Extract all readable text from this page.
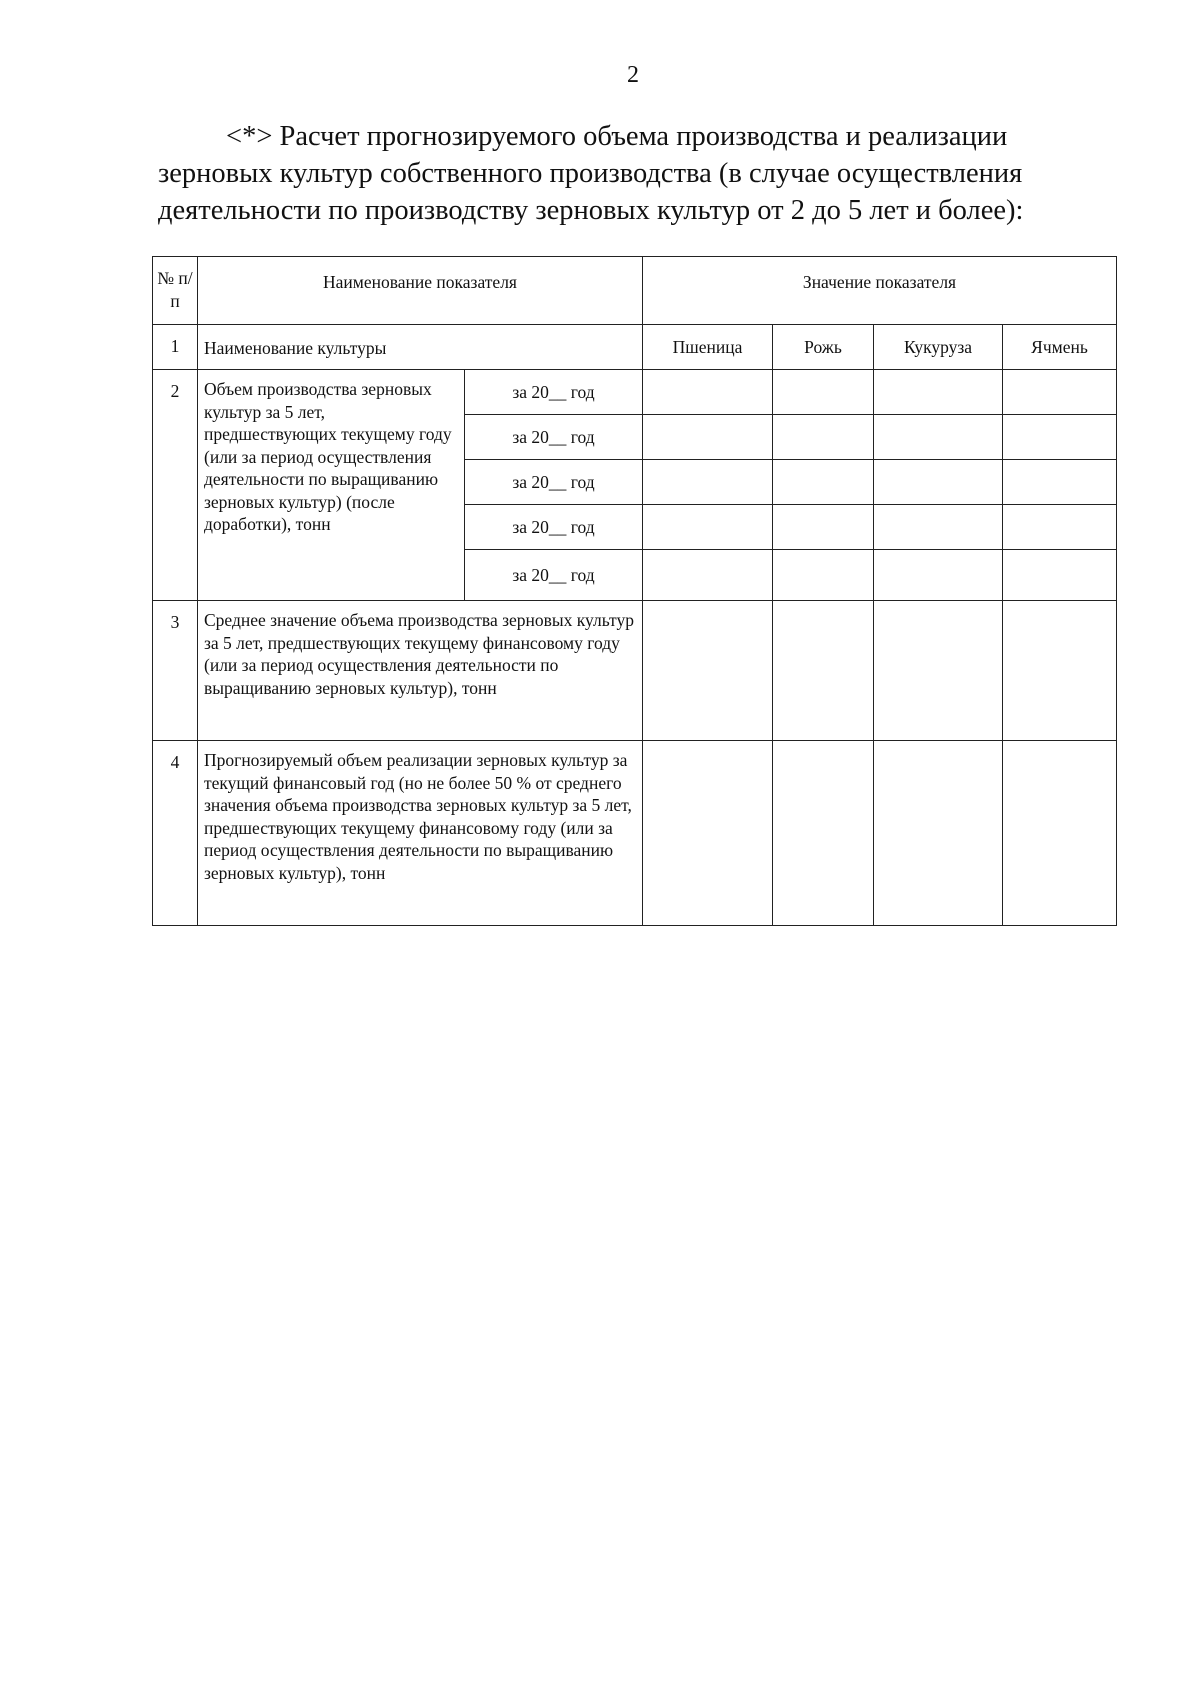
2
<*> Расчет прогнозируемого объема производства и реализации
зерновых культур собственного производства (в случае осуществления
деятельности по производству зерновых культур от 2 до 5 лет и более):
№ п/п	Наименование показателя		Значение показателя			
1	Наименование культуры		Пшеница	Рожь	Кукуруза	Ячмень
2	Объем производства зерновых культур за 5 лет, предшествующих текущему году (или за период осуществления деятельности по выращиванию зерновых культур) (после доработки), тонн	за 20__ год				
		за 20__ год				
		за 20__ год				
		за 20__ год				
		за 20__ год				
3	Среднее значение объема производства зерновых культур за 5 лет, предшествующих текущему финансовому году (или за период осуществления деятельности по выращиванию зерновых культур), тонн					
4	Прогнозируемый объем реализации зерновых культур за текущий финансовый год (но не более 50 % от среднего значения объема производства зерновых культур за 5 лет, предшествующих текущему финансовому году (или за период осуществления деятельности по выращиванию зерновых культур), тонн					
